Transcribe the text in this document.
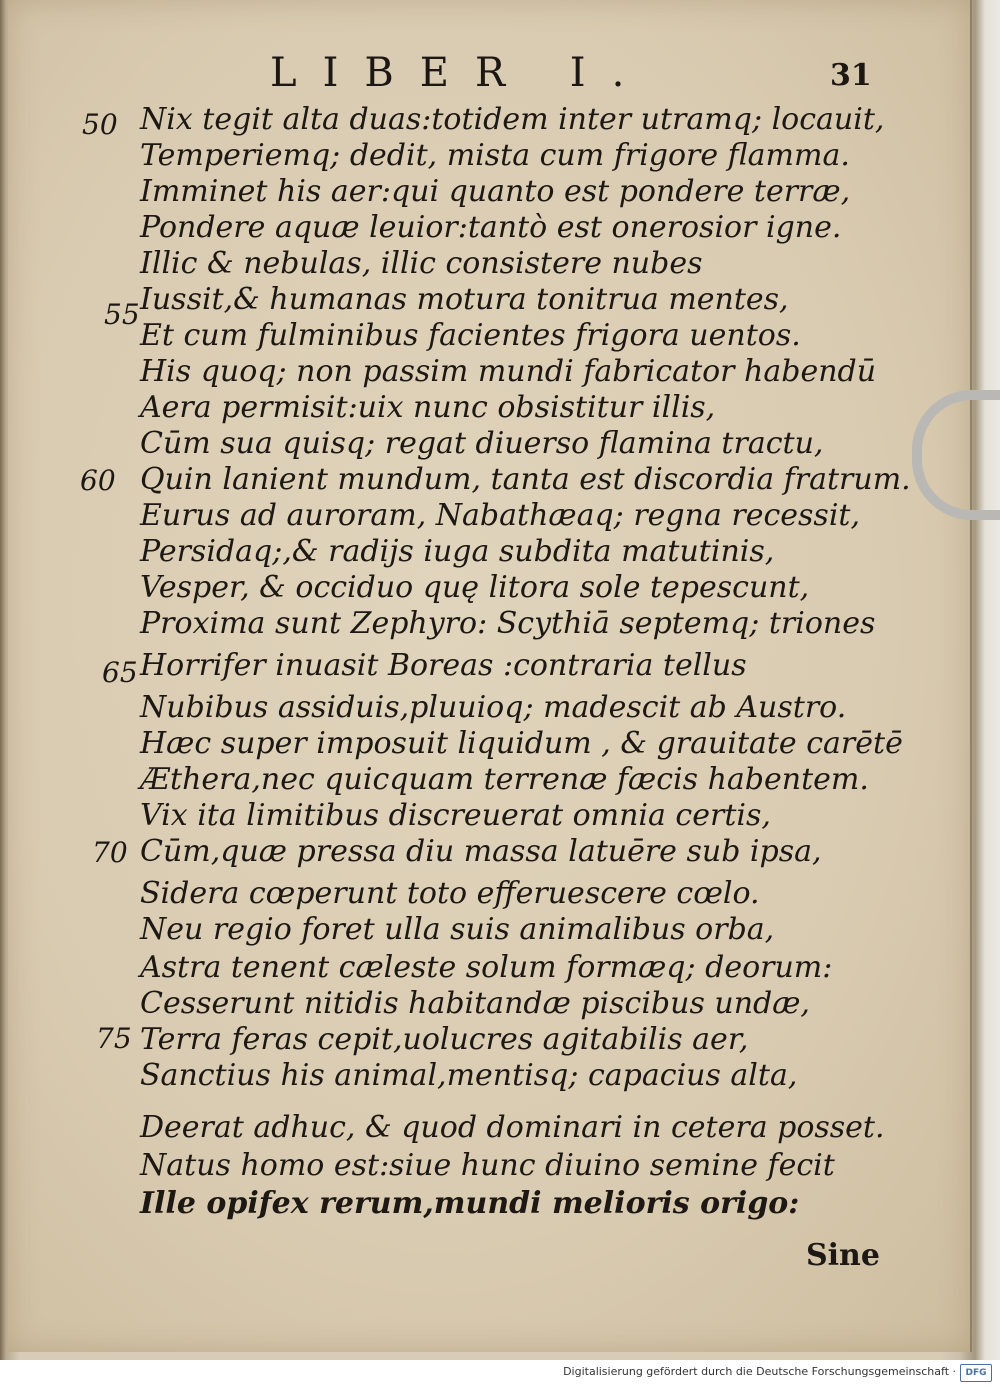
LIBER I.	31
50
55
60
65
70
75
Nix tegit alta duas:totidem inter utramq; locauit,
Temperiemq; dedit, mista cum frigore flamma.
Imminet his aer:qui quanto est pondere terræ,
Pondere aquæ leuior:tantò est onerosior igne.
Illic & nebulas, illic consistere nubes
Iussit,& humanas motura tonitrua mentes,
Et cum fulminibus facientes frigora uentos.
His quoq; non passim mundi fabricator habendū
Aera permisit:uix nunc obsistitur illis,
Cūm sua quisq; regat diuerso flamina tractu,
Quin lanient mundum, tanta est discordia fratrum.
Eurus ad auroram, Nabathæaq; regna recessit,
Persidaq;,& radijs iuga subdita matutinis,
Vesper, & occiduo quę litora sole tepescunt,
Proxima sunt Zephyro: Scythiā septemq; triones
Horrifer inuasit Boreas :contraria tellus
Nubibus assiduis,pluuioq; madescit ab Austro.
Hæc super imposuit liquidum , & grauitate carētē
Æthera,nec quicquam terrenæ fæcis habentem.
Vix ita limitibus discreuerat omnia certis,
Cūm,quæ pressa diu massa latuēre sub ipsa,
Sidera cœperunt toto efferuescere cœlo.
Neu regio foret ulla suis animalibus orba,
Astra tenent cæleste solum formæq; deorum:
Cesserunt nitidis habitandæ piscibus undæ,
Terra feras cepit,uolucres agitabilis aer,
Sanctius his animal,mentisq; capacius alta,
Deerat adhuc, & quod dominari in cetera posset.
Natus homo est:siue hunc diuino semine fecit
Ille opifex rerum,mundi melioris origo:
Sine
Digitalisierung gefördert durch die Deutsche Forschungsgemeinschaft ·	DFG
